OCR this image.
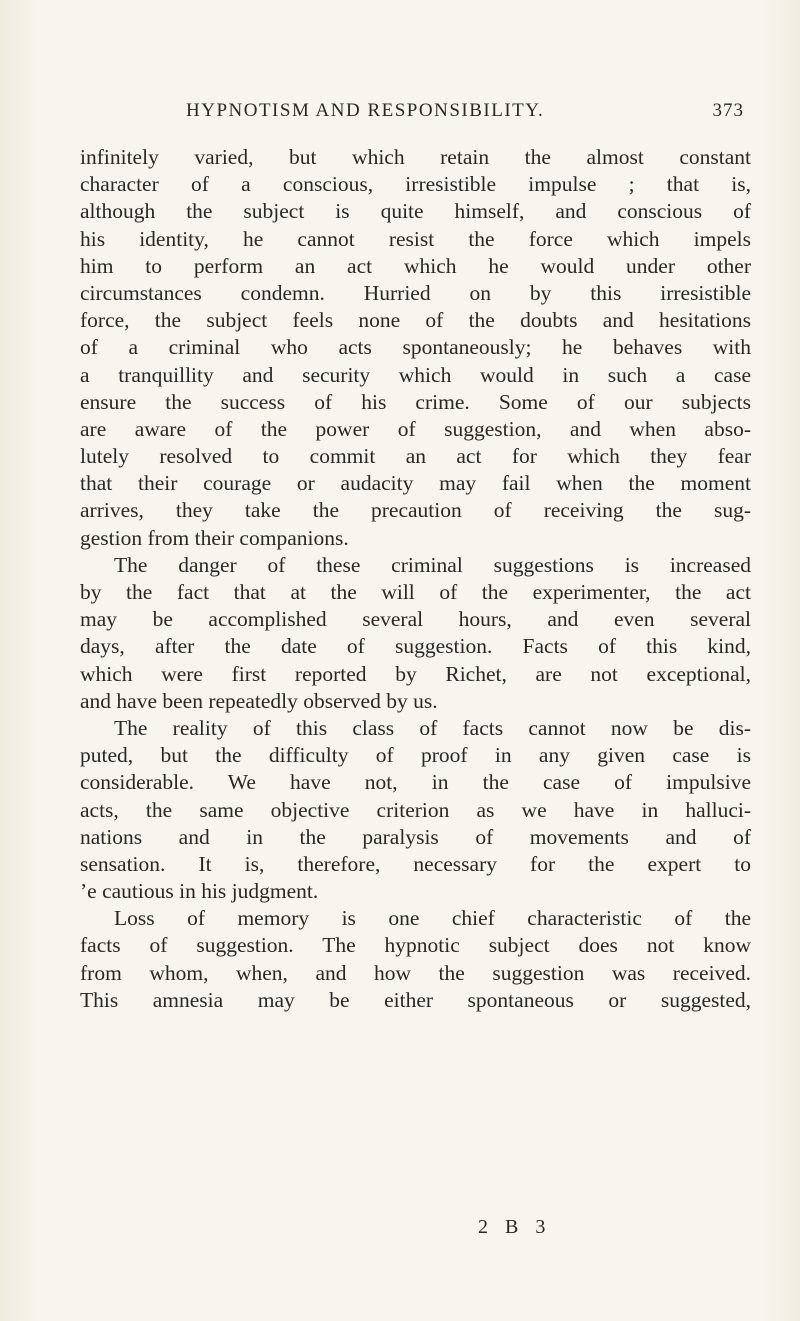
HYPNOTISM AND RESPONSIBILITY.	373
infinitely varied, but which retain the almost constant
character of a conscious, irresistible impulse ; that is,
although the subject is quite himself, and conscious of
his identity, he cannot resist the force which impels
him to perform an act which he would under other
circumstances condemn. Hurried on by this irresistible
force, the subject feels none of the doubts and hesitations
of a criminal who acts spontaneously; he behaves with
a tranquillity and security which would in such a case
ensure the success of his crime. Some of our subjects
are aware of the power of suggestion, and when abso-
lutely resolved to commit an act for which they fear
that their courage or audacity may fail when the moment
arrives, they take the precaution of receiving the sug-
gestion from their companions.
The danger of these criminal suggestions is increased
by the fact that at the will of the experimenter, the act
may be accomplished several hours, and even several
days, after the date of suggestion. Facts of this kind,
which were first reported by Richet, are not exceptional,
and have been repeatedly observed by us.
The reality of this class of facts cannot now be dis-
puted, but the difficulty of proof in any given case is
considerable. We have not, in the case of impulsive
acts, the same objective criterion as we have in halluci-
nations and in the paralysis of movements and of
sensation. It is, therefore, necessary for the expert to
ʼe cautious in his judgment.
Loss of memory is one chief characteristic of the
facts of suggestion. The hypnotic subject does not know
from whom, when, and how the suggestion was received.
This amnesia may be either spontaneous or suggested,
2 B 3
